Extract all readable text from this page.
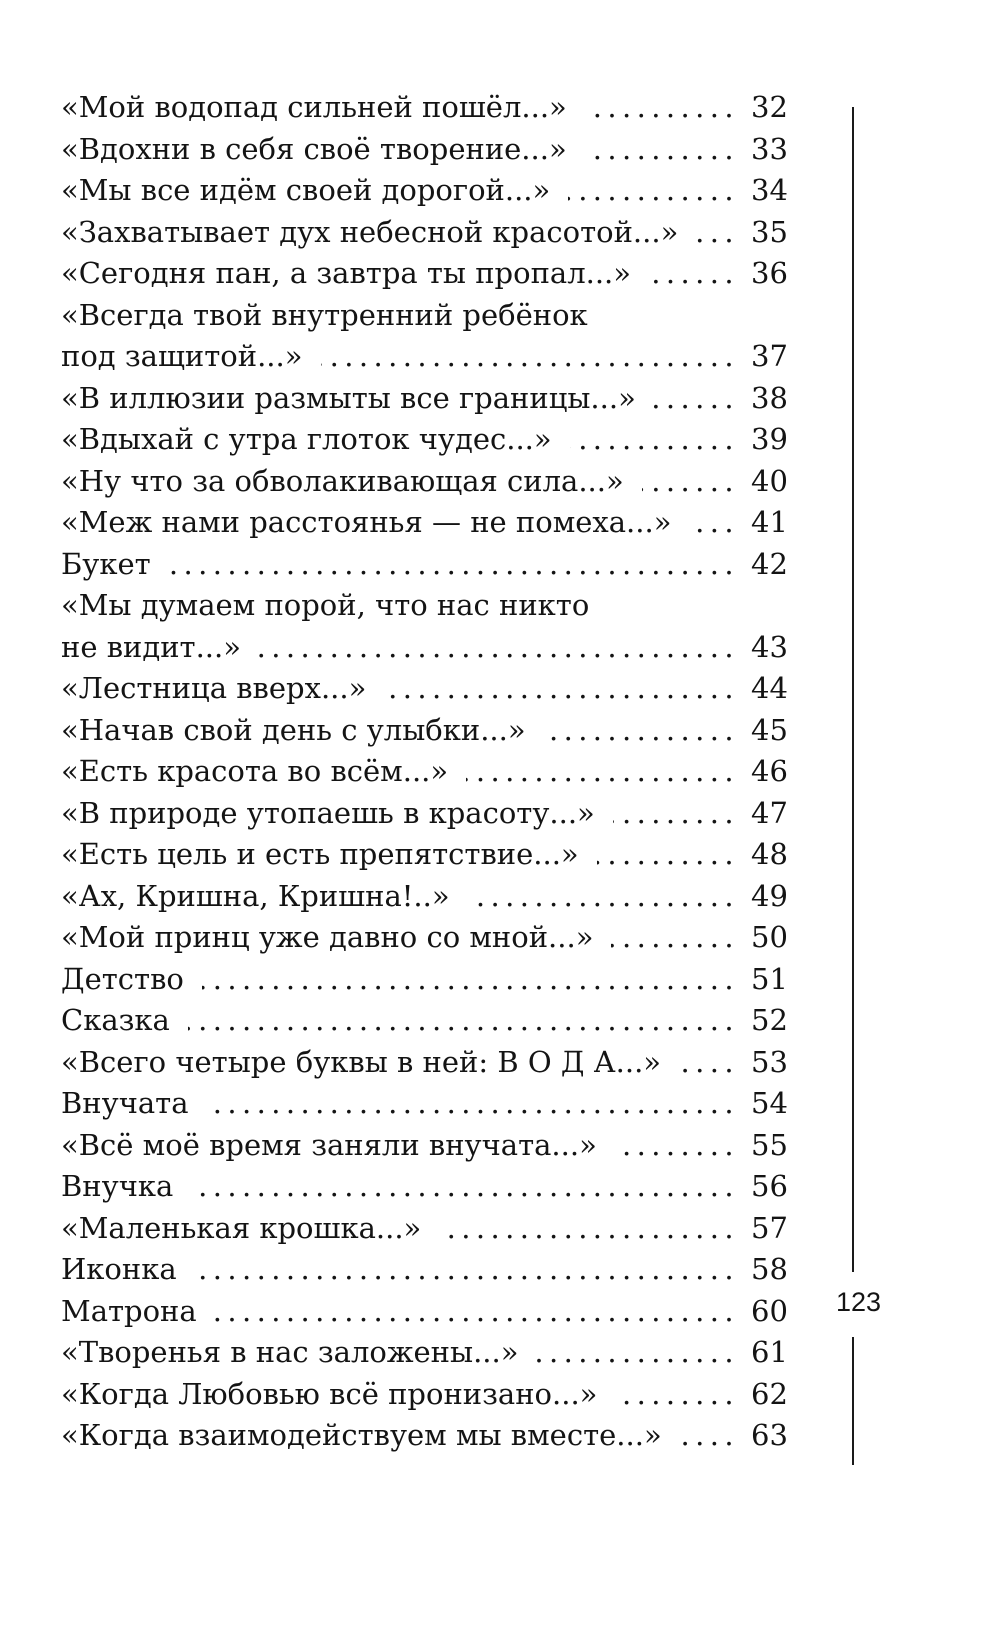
«Мой водопад сильней пошёл...» .....	32
«Вдохни в себя своё творение...» .....	33
«Мы все идём своей дорогой...» .....	34
«Захватывает дух небесной красотой...» .....	35
«Сегодня пан, а завтра ты пропал...» .....	36
«Всегда твой внутренний ребёнок
под защитой...» .....	37
«В иллюзии размыты все границы...» .....	38
«Вдыхай с утра глоток чудес...» .....	39
«Ну что за обволакивающая сила...» .....	40
«Меж нами расстоянья — не помеха...» .....	41
Букет .....	42
«Мы думаем порой, что нас никто
не видит...» .....	43
«Лестница вверх...» .....	44
«Начав свой день с улыбки...» .....	45
«Есть красота во всём...» .....	46
«В природе утопаешь в красоту...» .....	47
«Есть цель и есть препятствие...» .....	48
«Ах, Кришна, Кришна!..» .....	49
«Мой принц уже давно со мной...» .....	50
Детство .....	51
Сказка .....	52
«Всего четыре буквы в ней: В О Д А...» .....	53
Внучата .....	54
«Всё моё время заняли внучата...» .....	55
Внучка .....	56
«Маленькая крошка...» .....	57
Иконка .....	58
Матрона .....	60
«Творенья в нас заложены...» .....	61
«Когда Любовью всё пронизано...» .....	62
«Когда взаимодействуем мы вместе...» .....	63
123
